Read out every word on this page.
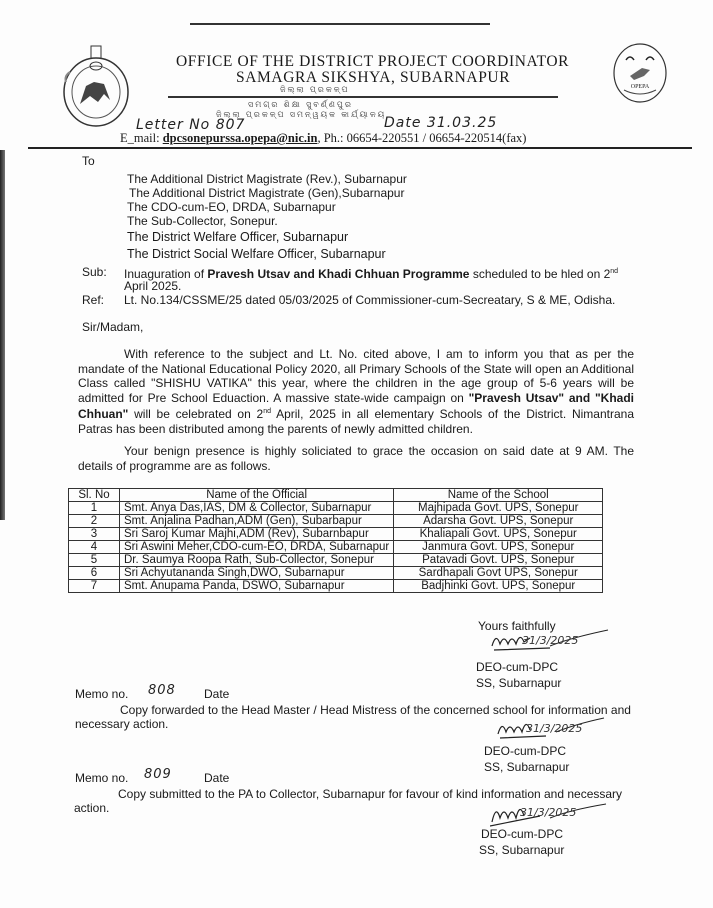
OPEPA
OFFICE OF THE DISTRICT PROJECT COORDINATOR
SAMAGRA SIKSHYA, SUBARNAPUR
ଜିଲ୍ଲା ପ୍ରକଳ୍ପ
ସମଗ୍ର ଶିକ୍ଷା ସୁବର୍ଣ୍ଣପୁର
ଜିଲ୍ଲା ପ୍ରକଳ୍ପ ସମନ୍ୱୟକ କାର୍ଯ୍ୟାଳୟ
Letter No 807	Date 31.03.25
E_mail: dpcsonepurssa.opepa@nic.in, Ph.: 06654-220551 / 06654-220514(fax)
To
The Additional District Magistrate (Rev.), Subarnapur
The Additional District Magistrate (Gen),Subarnapur
The CDO-cum-EO, DRDA, Subarnapur
The Sub-Collector, Sonepur.
The District Welfare Officer, Subarnapur
The District Social Welfare Officer, Subarnapur
Sub: Inuaguration of Pravesh Utsav and Khadi Chhuan Programme scheduled to be hled on 2nd
April 2025.
Ref: Lt. No.134/CSSME/25 dated 05/03/2025 of Commissioner-cum-Secreatary, S & ME, Odisha.
Sir/Madam,
With reference to the subject and Lt. No. cited above, I am to inform you that as per the mandate of the National Educational Policy 2020, all Primary Schools of the State will open an Additional Class called "SHISHU VATIKA" this year, where the children in the age group of 5-6 years will be admitted for Pre School Eduaction. A massive state-wide campaign on "Pravesh Utsav" and "Khadi Chhuan" will be celebrated on 2nd April, 2025 in all elementary Schools of the District. Nimantrana Patras has been distributed among the parents of newly admitted children.
Your benign presence is highly soliciated to grace the occasion on said date at 9 AM. The details of programme are as follows.
Sl. No	Name of the Official	Name of the School
1	Smt. Anya Das,IAS, DM & Collector, Subarnapur	Majhipada Govt. UPS, Sonepur
2	Smt. Anjalina Padhan,ADM (Gen), Subarbapur	Adarsha Govt. UPS, Sonepur
3	Sri Saroj Kumar Majhi,ADM (Rev), Subarnbapur	Khaliapali Govt. UPS, Sonepur
4	Sri Aswini Meher,CDO-cum-EO, DRDA, Subarnapur	Janmura Govt. UPS, Sonepur
5	Dr. Saumya Roopa Rath, Sub-Collector, Sonepur	Patavadi Govt. UPS, Sonepur
6	Sri Achyutananda Singh,DWO, Subarnapur	Sardhapali Govt UPS, Sonepur
7	Smt. Anupama Panda, DSWO, Subarnapur	Badjhinki Govt. UPS, Sonepur
Yours faithfully
31/3/2025
DEO-cum-DPC
SS, Subarnapur
Memo no. 808 Date
Copy forwarded to the Head Master / Head Mistress of the concerned school for information and
necessary action.	31/3/2025
DEO-cum-DPC
SS, Subarnapur
Memo no. 809	Date
Copy submitted to the PA to Collector, Subarnapur for favour of kind information and necessary
action.	31/3/2025
DEO-cum-DPC
SS, Subarnapur
